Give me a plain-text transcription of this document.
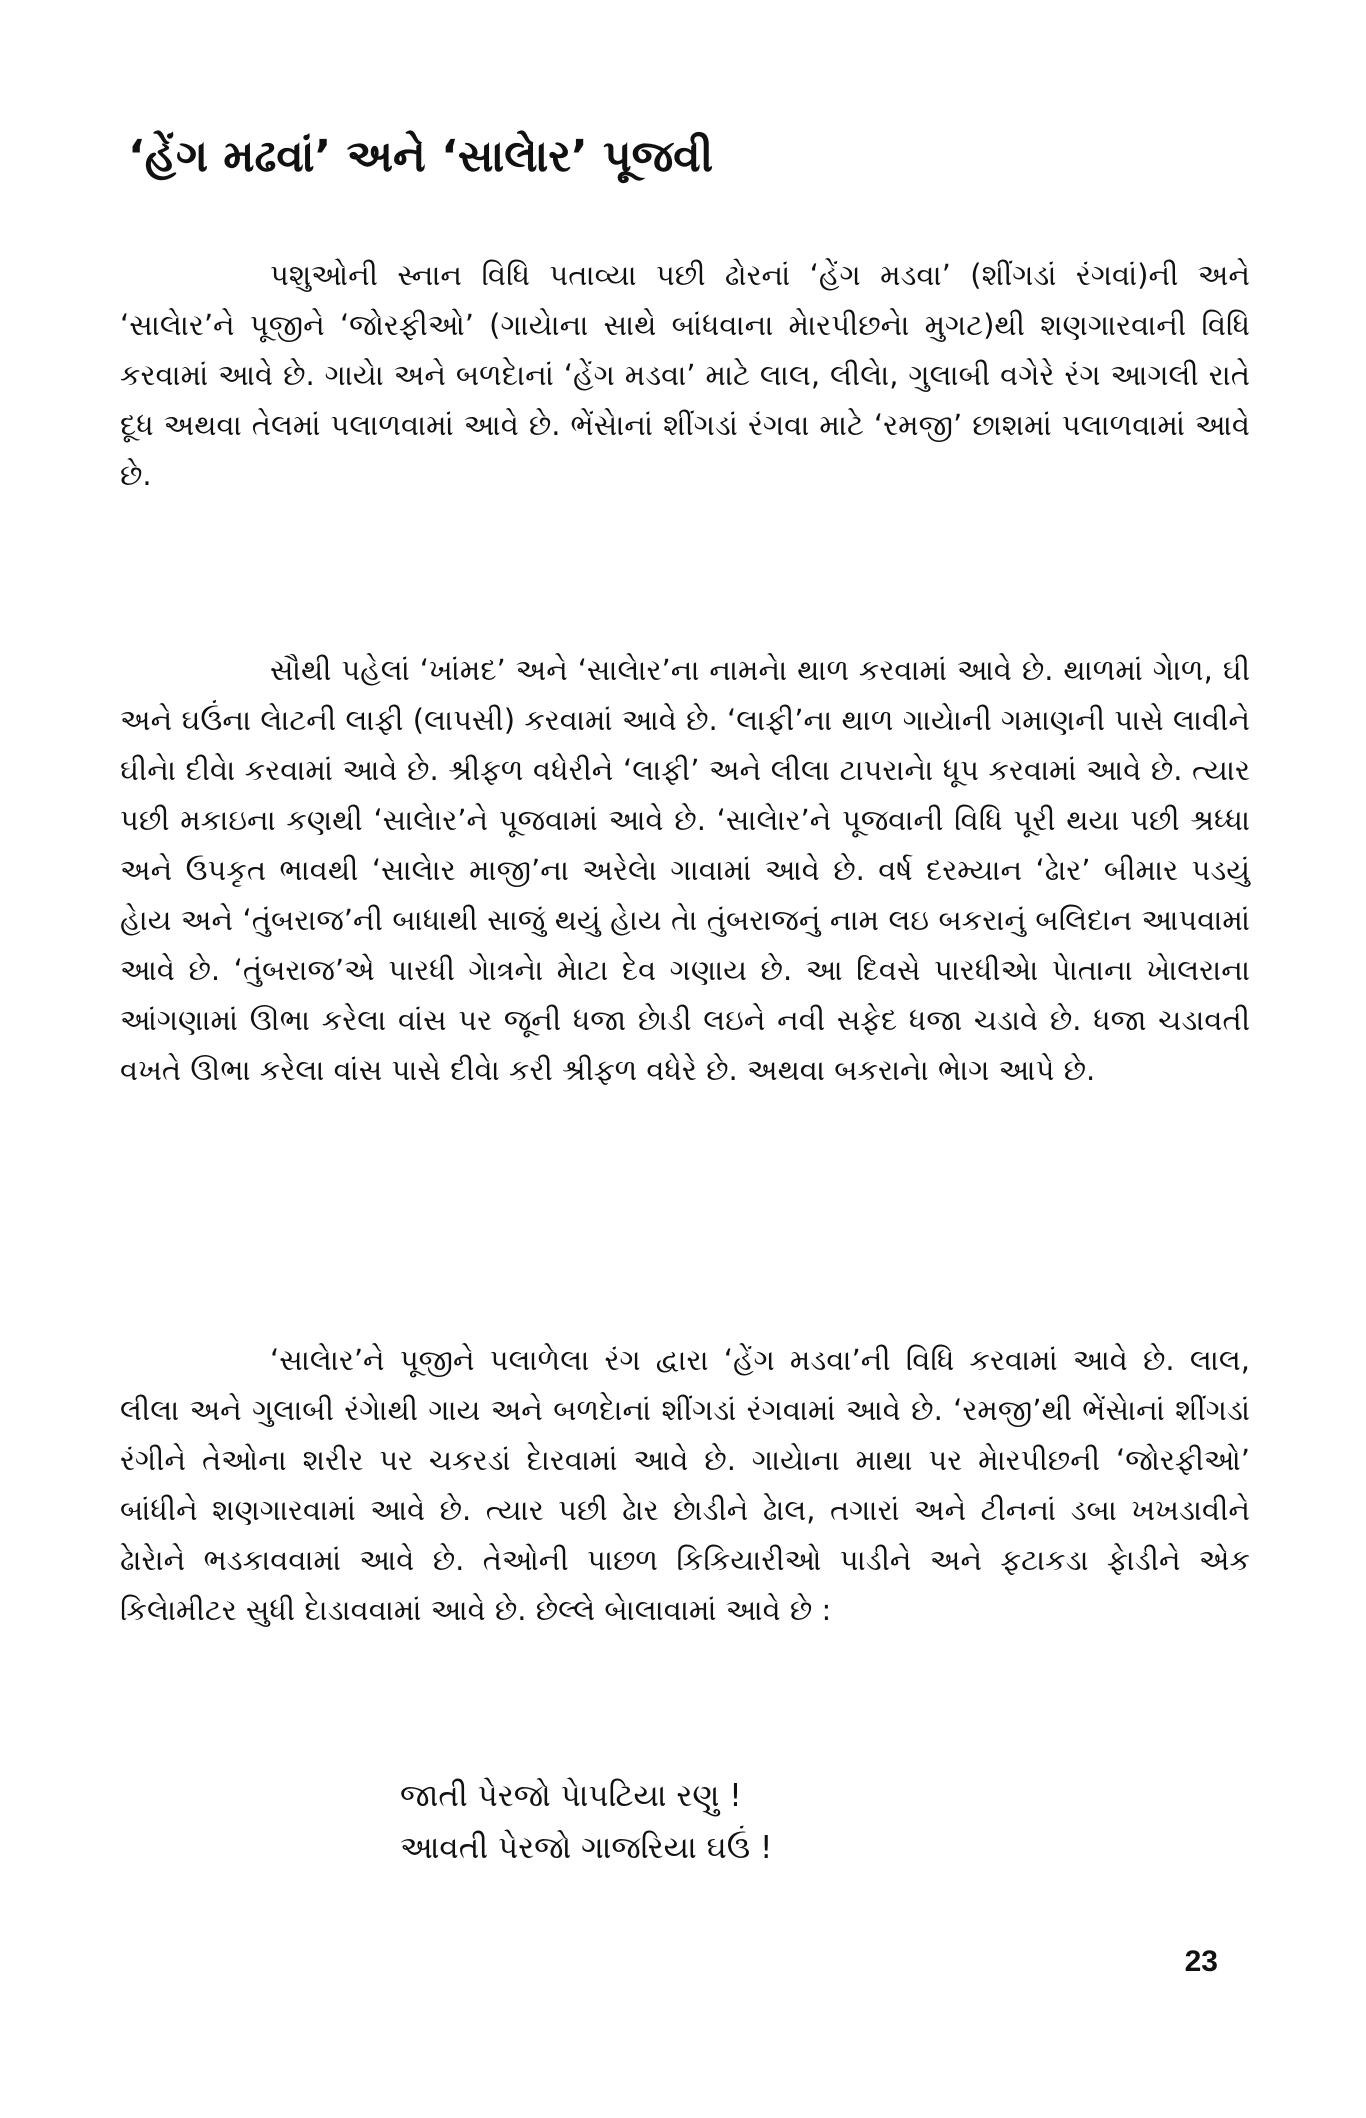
‘હેંગ મઢવાં’ અને ‘સાલેાર’ પૂજવી

પશુઓની સ્નાન વિધિ પતાવ્યા પછી ઢોરનાં ‘હેંગ મડવા’ (શીંગડાં રંગવાં)ની અને ‘સાલેાર’ને પૂજીને ‘જોરફીઓ’ (ગાયેાના સાથે બાંધવાના મેારપીછનેા મુગટ)થી શણગારવાની વિધિ કરવામાં આવે છે. ગાયેા અને બળદેાનાં ‘હેંગ મડવા’ માટે લાલ, લીલેા, ગુલાબી વગેરે રંગ આગલી રાતે દૂધ અથવા તેલમાં પલાળવામાં આવે છે. ભેંસેાનાં શીંગડાં રંગવા માટે ‘રમજી’ છાશમાં પલાળવામાં આવે છે.

સૌથી પહેલાં ‘ખાંમદ’ અને ‘સાલેાર’ના નામનેા થાળ કરવામાં આવે છે. થાળમાં ગેાળ, ઘી અને ઘઉંના લેાટની લાફી (લાપસી) કરવામાં આવે છે. ‘લાફી’ના થાળ ગાયેાની ગમાણની પાસે લાવીને ઘીનેા દીવેા કરવામાં આવે છે. શ્રીફળ વધેરીને ‘લાફી’ અને લીલા ટાપરાનેા ધૂપ કરવામાં આવે છે. ત્યાર પછી મકાઇના કણથી ‘સાલેાર’ને પૂજવામાં આવે છે. ‘સાલેાર’ને પૂજવાની વિધિ પૂરી થયા પછી શ્રધ્ધા અને ઉપકૃત ભાવથી ‘સાલેાર માજી’ના અરેલેા ગાવામાં આવે છે. વર્ષ દરમ્યાન ‘ઢેાર’ બીમાર પડયું હેાય અને ‘તુંબરાજ’ની બાધાથી સાજું થયું હેાય તેા તુંબરાજનું નામ લઇ બકરાનું બલિદાન આપવામાં આવે છે. ‘તુંબરાજ’એ પારધી ગેાત્રનેા મેાટા દેવ ગણાય છે. આ દિવસે પારધીએા પેાતાના ખેાલરાના આંગણામાં ઊભા કરેલા વાંસ પર જૂની ધજા છેાડી લઇને નવી સફેદ ધજા ચડાવે છે. ધજા ચડાવતી વખતે ઊભા કરેલા વાંસ પાસે દીવેા કરી શ્રીફળ વધેરે છે. અથવા બકરાનેા ભેાગ આપે છે.

‘સાલેાર’ને પૂજીને પલાળેલા રંગ દ્વારા ‘હેંગ મડવા’ની વિધિ કરવામાં આવે છે. લાલ, લીલા અને ગુલાબી રંગેાથી ગાય અને બળદેાનાં શીંગડાં રંગવામાં આવે છે. ‘રમજી’થી ભેંસેાનાં શીંગડાં રંગીને તેઓના શરીર પર ચકરડાં દેારવામાં આવે છે. ગાયેાના માથા પર મેારપીછની ‘જોરફીઓ’ બાંધીને શણગારવામાં આવે છે. ત્યાર પછી ઢેાર છેાડીને ઢેાલ, તગારાં અને ટીનનાં ડબા ખખડાવીને ઢેારેાને ભડકાવવામાં આવે છે. તેઓની પાછળ કિકિયારીઓ પાડીને અને ફટાકડા ફેાડીને એક કિલેામીટર સુધી દેાડાવવામાં આવે છે. છેલ્લે બેાલાવામાં આવે છે :

જાતી પેરજો પેાપટિયા રણુ !
આવતી પેરજો ગાજરિયા ઘઉં !
23
